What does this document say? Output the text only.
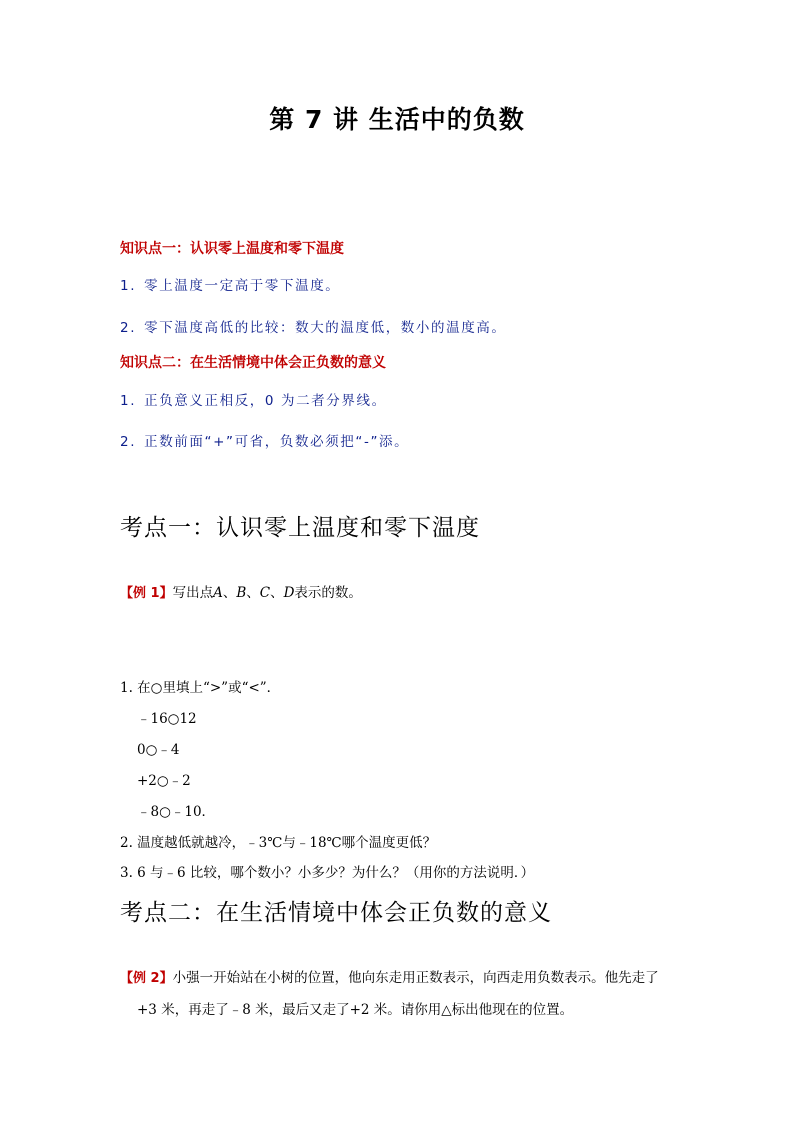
第 7 讲 生活中的负数
知识点一：认识零上温度和零下温度
1. 零上温度一定高于零下温度。
2. 零下温度高低的比较：数大的温度低，数小的温度高。
知识点二：在生活情境中体会正负数的意义
1. 正负意义正相反，0 为二者分界线。
2. 正数前面“+”可省，负数必须把“-”添。
考点一：认识零上温度和零下温度
【例 1】写出点A、B、C、D表示的数。
1. 在○里填上“>”或“<”．
﹣16○12
0○﹣4
+2○﹣2
﹣8○﹣10．
2. 温度越低就越冷，﹣3℃与﹣18℃哪个温度更低？
3. 6 与﹣6 比较，哪个数小？小多少？为什么？（用你的方法说明．）
考点二：在生活情境中体会正负数的意义
【例 2】小强一开始站在小树的位置，他向东走用正数表示，向西走用负数表示。他先走了
+3 米，再走了﹣8 米，最后又走了+2 米。请你用△标出他现在的位置。
